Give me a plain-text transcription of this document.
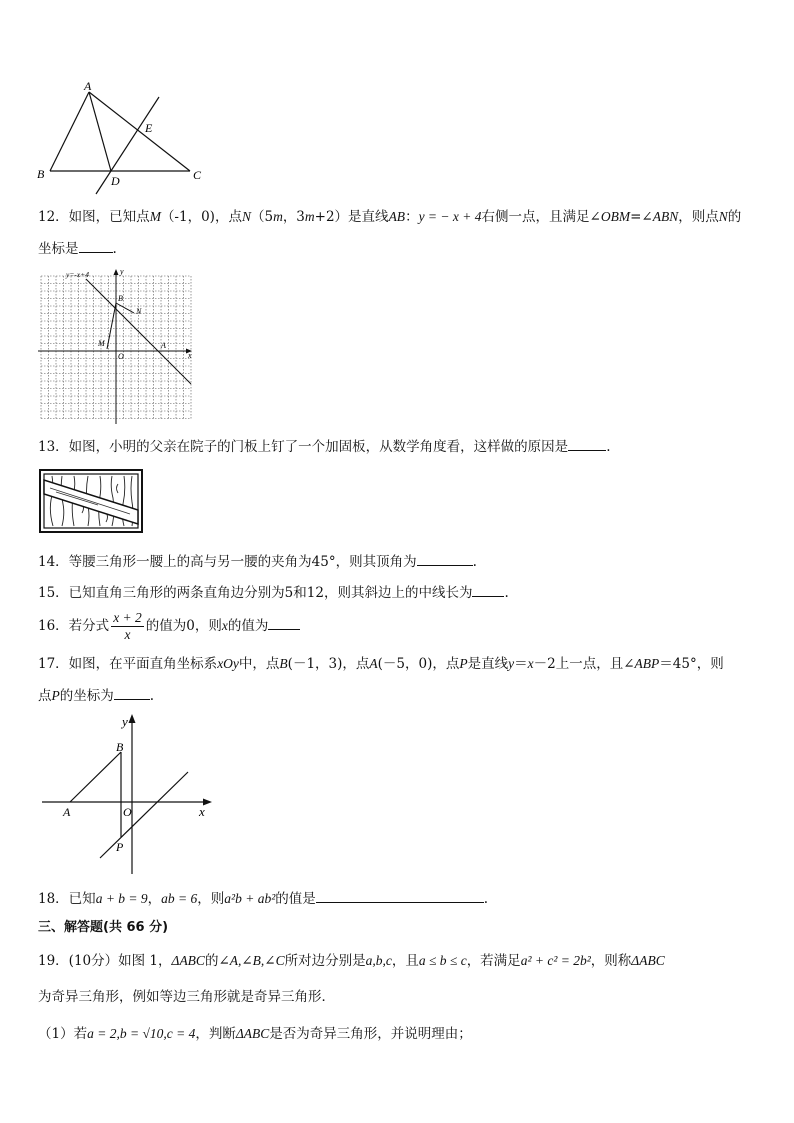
A
B	C
D
E
12．如图，已知点M（-1，0)，点N（5m，3m+2）是直线AB：y = − x + 4右侧一点，且满足∠OBM=∠ABN，则点N的
坐标是	.
y=-x+4	y
x
B
N
M
O
A
13．如图，小明的父亲在院子的门板上钉了一个加固板，从数学角度看，这样做的原因是	.
14．等腰三角形一腰上的高与另一腰的夹角为45°，则其顶角为	.
15．已知直角三角形的两条直角边分别为5和12，则其斜边上的中线长为 .
16．若分式 $\frac{x + 2}{x}$ 的值为0，则x的值为
17．如图，在平面直角坐标系xOy中，点B(－1，3)，点A(－5，0)，点P是直线y＝x－2上一点，且∠ABP＝45°，则
点P的坐标为	.
y
B
A	O	x
P
18．已知a + b = 9，ab = 6，则a²b + ab²的值是	.
三、解答题(共 66 分)
19．(10分）如图 1，ΔABC的∠A,∠B,∠C所对边分别是a,b,c，且a ≤ b ≤ c，若满足a² + c² = 2b²，则称ΔABC
为奇异三角形，例如等边三角形就是奇异三角形．
（1）若a = 2,b = √10,c = 4，判断ΔABC是否为奇异三角形，并说明理由；
